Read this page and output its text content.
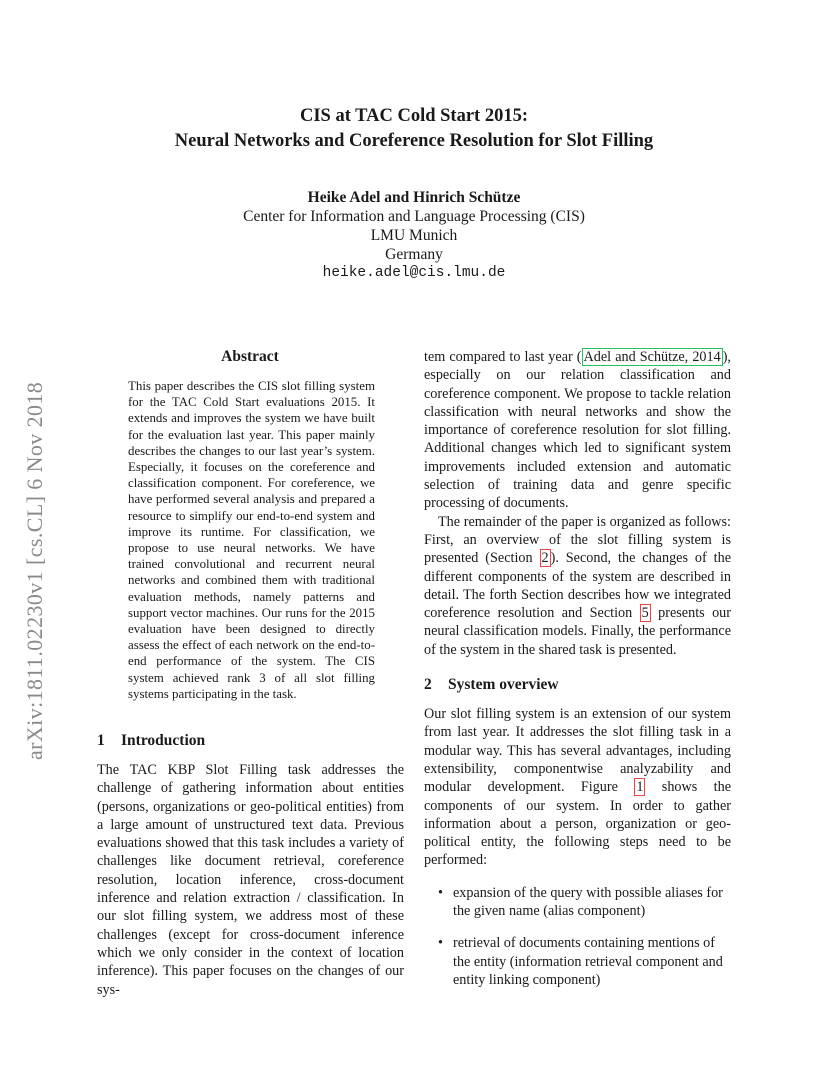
arXiv:1811.02230v1 [cs.CL] 6 Nov 2018
CIS at TAC Cold Start 2015:
Neural Networks and Coreference Resolution for Slot Filling
Heike Adel and Hinrich Schütze
Center for Information and Language Processing (CIS)
LMU Munich
Germany
heike.adel@cis.lmu.de
Abstract

This paper describes the CIS slot filling system for the TAC Cold Start evaluations 2015. It extends and improves the system we have built for the evaluation last year. This paper mainly describes the changes to our last year’s system. Especially, it focuses on the coreference and classification component. For coreference, we have performed several analysis and prepared a resource to simplify our end-to-end system and improve its runtime. For classification, we propose to use neural networks. We have trained convolutional and recurrent neural networks and combined them with traditional evaluation methods, namely patterns and support vector machines. Our runs for the 2015 evaluation have been designed to directly assess the effect of each network on the end-to-end performance of the system. The CIS system achieved rank 3 of all slot filling systems participating in the task.

1 Introduction

The TAC KBP Slot Filling task addresses the challenge of gathering information about entities (persons, organizations or geo-political entities) from a large amount of unstructured text data. Previous evaluations showed that this task includes a variety of challenges like document retrieval, coreference resolution, location inference, cross-document inference and relation extraction / classification. In our slot filling system, we address most of these challenges (except for cross-document inference which we only consider in the context of location inference). This paper focuses on the changes of our sys-

tem compared to last year ( Adel and Schütze, 2014 ), especially on our relation classification and coreference component. We propose to tackle relation classification with neural networks and show the importance of coreference resolution for slot filling. Additional changes which led to significant system improvements included extension and automatic selection of training data and genre specific processing of documents.

The remainder of the paper is organized as follows: First, an overview of the slot filling system is presented (Section 2 ). Second, the changes of the different components of the system are described in detail. The forth Section describes how we integrated coreference resolution and Section 5 presents our neural classification models. Finally, the performance of the system in the shared task is presented.

2 System overview

Our slot filling system is an extension of our system from last year. It addresses the slot filling task in a modular way. This has several advantages, including extensibility, componentwise analyzability and modular development. Figure 1 shows the components of our system. In order to gather information about a person, organization or geo-political entity, the following steps need to be performed:

• expansion of the query with possible aliases for the given name (alias component)
• retrieval of documents containing mentions of the entity (information retrieval component and entity linking component)
